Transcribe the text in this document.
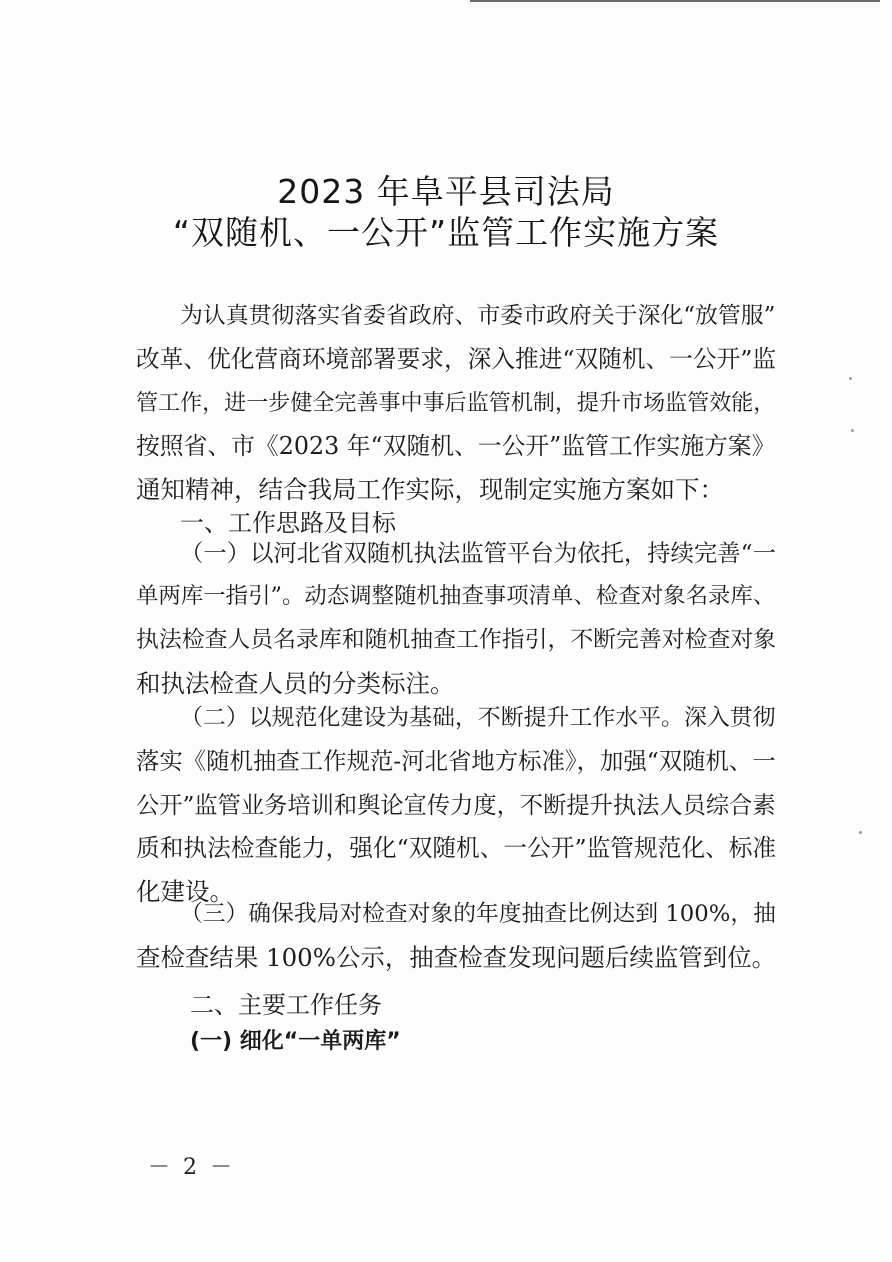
2023 年阜平县司法局
“双随机、一公开”监管工作实施方案
为认真贯彻落实省委省政府、市委市政府关于深化“放管服”
改革、优化营商环境部署要求，深入推进“双随机、一公开”监
管工作，进一步健全完善事中事后监管机制，提升市场监管效能，
按照省、市《2023 年“双随机、一公开”监管工作实施方案》
通知精神，结合我局工作实际，现制定实施方案如下：
一、工作思路及目标
（一）以河北省双随机执法监管平台为依托，持续完善“一
单两库一指引”。动态调整随机抽查事项清单、检查对象名录库、
执法检查人员名录库和随机抽查工作指引，不断完善对检查对象
和执法检查人员的分类标注。
（二）以规范化建设为基础，不断提升工作水平。深入贯彻
落实《随机抽查工作规范-河北省地方标准》，加强“双随机、一
公开”监管业务培训和舆论宣传力度，不断提升执法人员综合素
质和执法检查能力，强化“双随机、一公开”监管规范化、标准
化建设。
（三）确保我局对检查对象的年度抽查比例达到 100%，抽
查检查结果 100%公示，抽查检查发现问题后续监管到位。
二、主要工作任务
(一) 细化“一单两库”
－ 2 －
